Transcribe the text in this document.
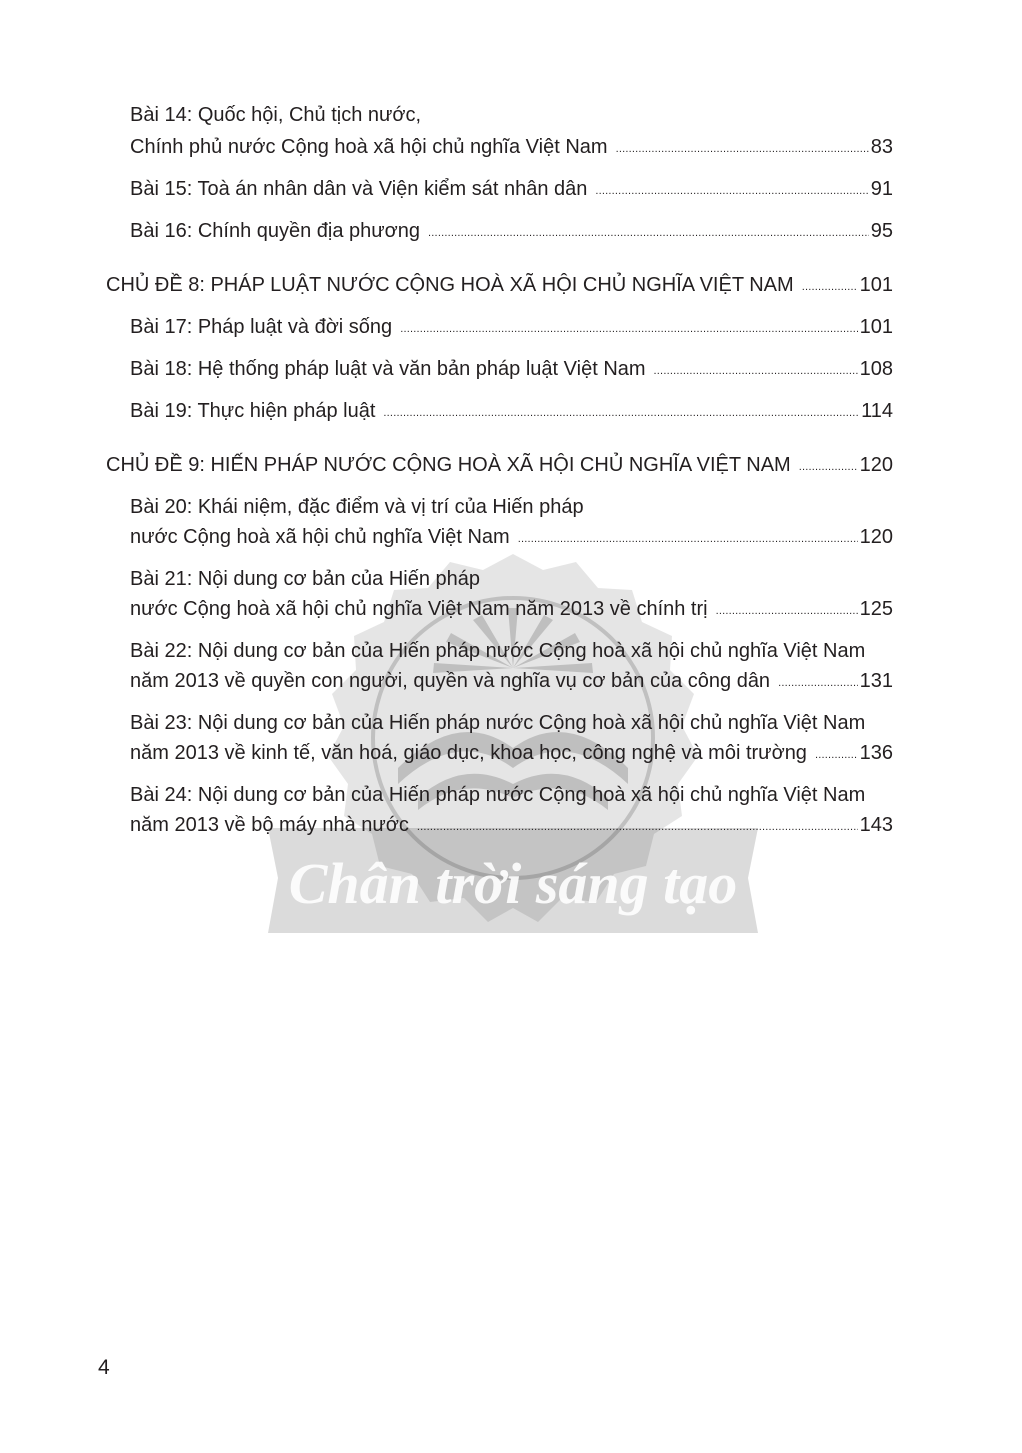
Chân trời sáng tạo
Bài 14: Quốc hội, Chủ tịch nước,
Chính phủ nước Cộng hoà xã hội chủ nghĩa Việt Nam .....	83
Bài 15: Toà án nhân dân và Viện kiểm sát nhân dân .....	91
Bài 16: Chính quyền địa phương .....	95
CHỦ ĐỀ 8: PHÁP LUẬT NƯỚC CỘNG HOÀ XÃ HỘI CHỦ NGHĨA VIỆT NAM .....	101
Bài 17: Pháp luật và đời sống .....	101
Bài 18: Hệ thống pháp luật và văn bản pháp luật Việt Nam .....	108
Bài 19: Thực hiện pháp luật .....	114
CHỦ ĐỀ 9: HIẾN PHÁP NƯỚC CỘNG HOÀ XÃ HỘI CHỦ NGHĨA VIỆT NAM .....	120
Bài 20: Khái niệm, đặc điểm và vị trí của Hiến pháp
nước Cộng hoà xã hội chủ nghĩa Việt Nam .....	120
Bài 21: Nội dung cơ bản của Hiến pháp
nước Cộng hoà xã hội chủ nghĩa Việt Nam năm 2013 về chính trị .....	125
Bài 22: Nội dung cơ bản của Hiến pháp nước Cộng hoà xã hội chủ nghĩa Việt Nam
năm 2013 về quyền con người, quyền và nghĩa vụ cơ bản của công dân .....	131
Bài 23: Nội dung cơ bản của Hiến pháp nước Cộng hoà xã hội chủ nghĩa Việt Nam
năm 2013 về kinh tế, văn hoá, giáo dục, khoa học, công nghệ và môi trường .....	136
Bài 24: Nội dung cơ bản của Hiến pháp nước Cộng hoà xã hội chủ nghĩa Việt Nam
năm 2013 về bộ máy nhà nước .....	143
4
